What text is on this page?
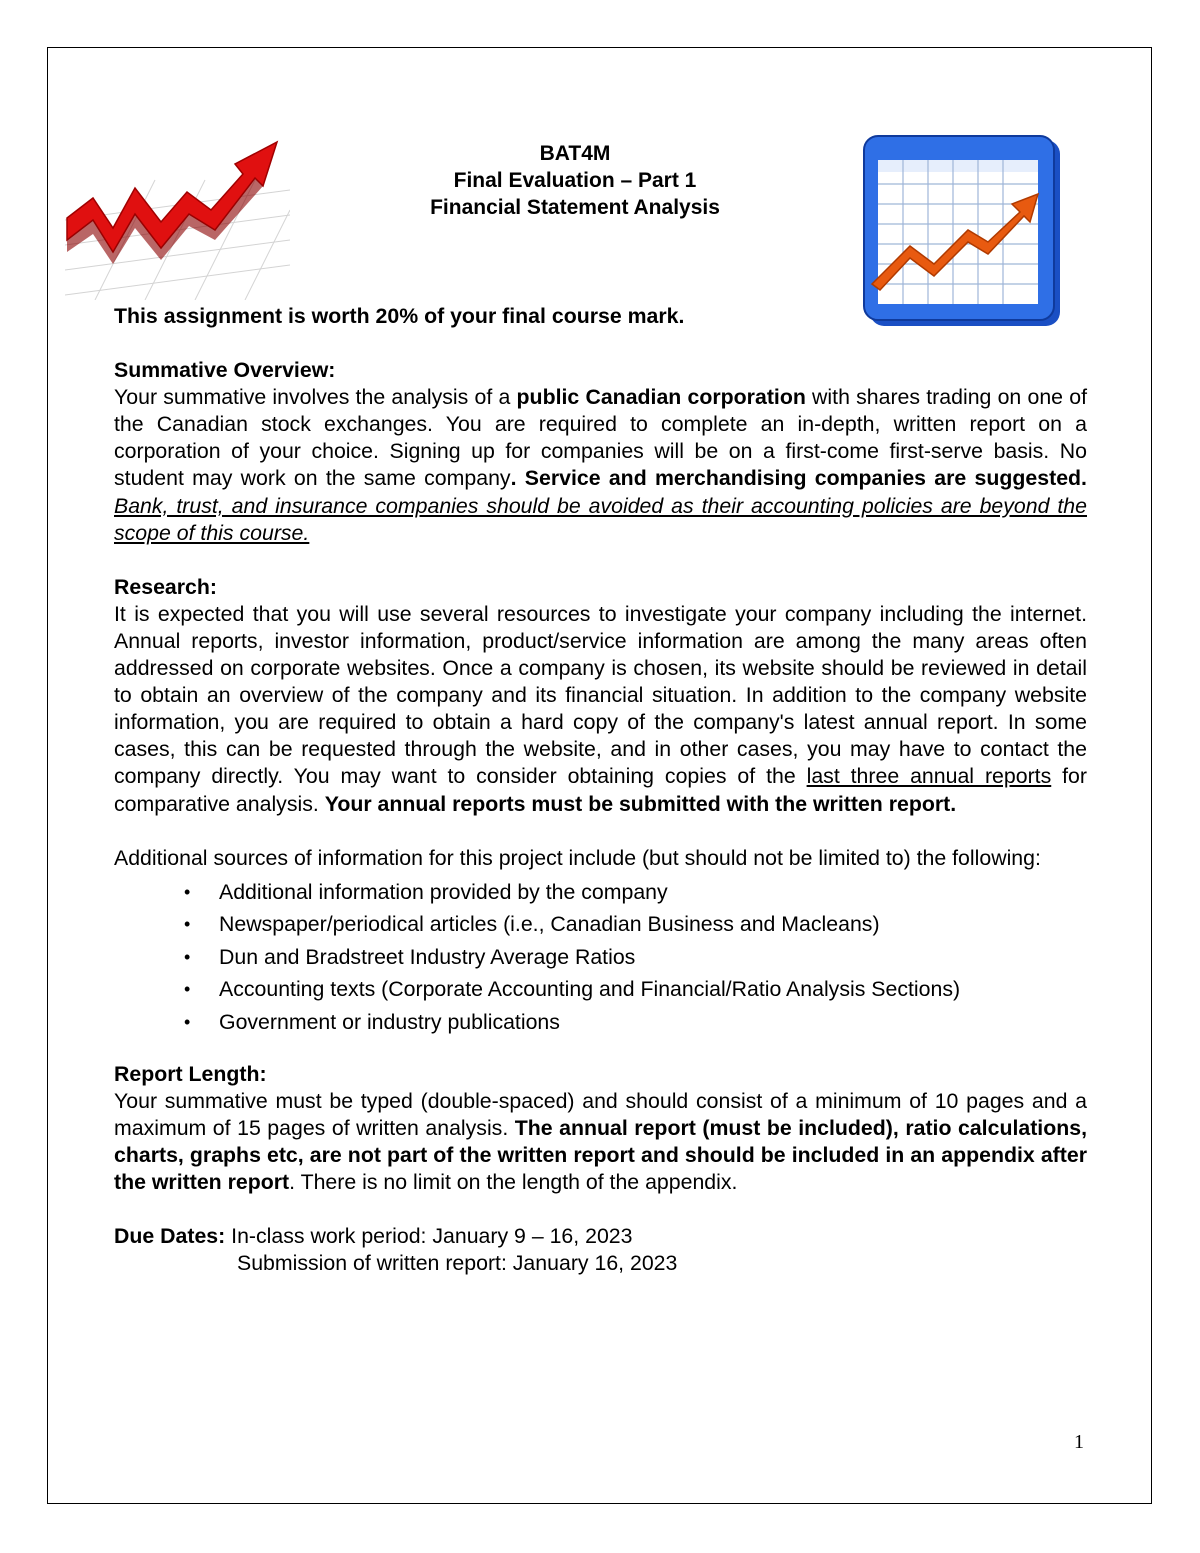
BAT4M
Final Evaluation – Part 1
Financial Statement Analysis

This assignment is worth 20% of your final course mark.

Summative Overview:

Your summative involves the analysis of a public Canadian corporation with shares trading on one of the Canadian stock exchanges. You are required to complete an in-depth, written report on a corporation of your choice. Signing up for companies will be on a first-come first-serve basis. No student may work on the same company. Service and merchandising companies are suggested. Bank, trust, and insurance companies should be avoided as their accounting policies are beyond the scope of this course.

Research:

It is expected that you will use several resources to investigate your company including the internet. Annual reports, investor information, product/service information are among the many areas often addressed on corporate websites. Once a company is chosen, its website should be reviewed in detail to obtain an overview of the company and its financial situation. In addition to the company website information, you are required to obtain a hard copy of the company's latest annual report. In some cases, this can be requested through the website, and in other cases, you may have to contact the company directly. You may want to consider obtaining copies of the last three annual reports for comparative analysis. Your annual reports must be submitted with the written report.

Additional sources of information for this project include (but should not be limited to) the following:

• Additional information provided by the company
• Newspaper/periodical articles (i.e., Canadian Business and Macleans)
• Dun and Bradstreet Industry Average Ratios
• Accounting texts (Corporate Accounting and Financial/Ratio Analysis Sections)
• Government or industry publications

Report Length:

Your summative must be typed (double-spaced) and should consist of a minimum of 10 pages and a maximum of 15 pages of written analysis. The annual report (must be included), ratio calculations, charts, graphs etc, are not part of the written report and should be included in an appendix after the written report. There is no limit on the length of the appendix.

Due Dates: In-class work period: January 9 – 16, 2023

Submission of written report: January 16, 2023

1
